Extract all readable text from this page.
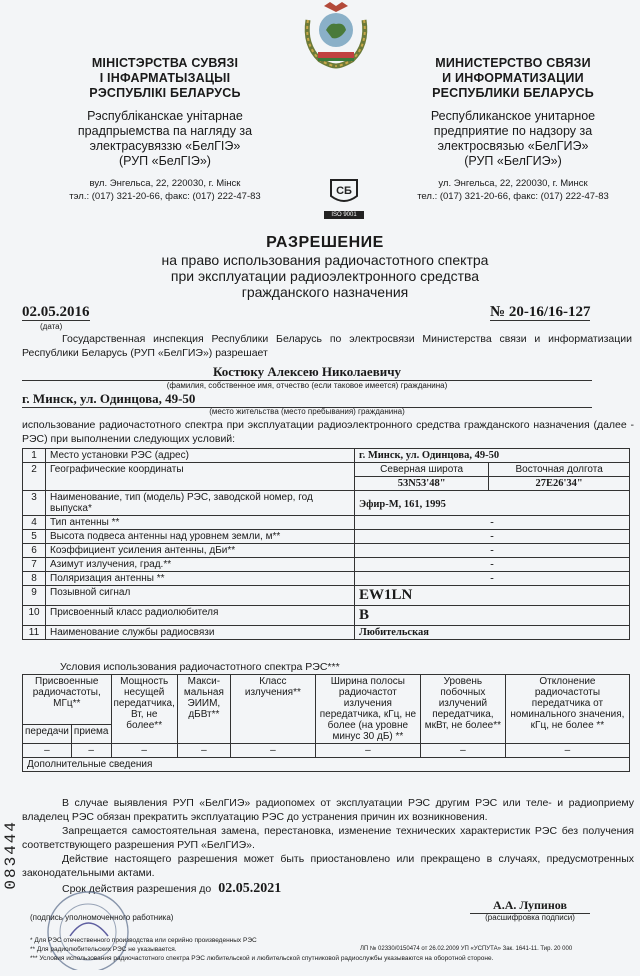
МІНІСТЭРСТВА СУВЯЗІ
І ІНФАРМАТЫЗАЦЫІ
РЭСПУБЛІКІ БЕЛАРУСЬ
Рэспубліканскае унітарнае
прадпрыемства па нагляду за
электрасувяззю «БелГІЭ»
(РУП «БелГІЭ»)
вул. Энгельса, 22, 220030, г. Мінск
тэл.: (017) 321-20-66, факс: (017) 222-47-83
МИНИСТЕРСТВО СВЯЗИ
И ИНФОРМАТИЗАЦИИ
РЕСПУБЛИКИ БЕЛАРУСЬ
Республиканское унитарное
предприятие по надзору за
электросвязью «БелГИЭ»
(РУП «БелГИЭ»)
ул. Энгельса, 22, 220030, г. Минск
тел.: (017) 321-20-66, факс: (017) 222-47-83
СБ
ISO 9001
РАЗРЕШЕНИЕ
на право использования радиочастотного спектра
при эксплуатации радиоэлектронного средства
гражданского назначения
02.05.2016
(дата)
№ 20-16/16-127
Государственная инспекция Республики Беларусь по электросвязи Министерства связи и информатизации Республики Беларусь (РУП «БелГИЭ») разрешает
Костюку Алексею Николаевичу
(фамилия, собственное имя, отчество (если таковое имеется) гражданина)
г. Минск, ул. Одинцова, 49-50
(место жительства (место пребывания) гражданина)
использование радиочастотного спектра при эксплуатации радиоэлектронного средства гражданского назначения (далее - РЭС) при выполнении следующих условий:
1	Место установки РЭС (адрес)	г. Минск, ул. Одинцова, 49-50	
2	Географические координаты	Северная широта	Восточная долгота
		53N53'48"	27E26'34"
3	Наименование, тип (модель) РЭС, заводской номер, год выпуска*	Эфир-М, 161, 1995	
4	Тип антенны **	-	
5	Высота подвеса антенны над уровнем земли, м**	-	
6	Коэффициент усиления антенны, дБи**	-	
7	Азимут излучения, град.**	-	
8	Поляризация антенны **	-	
9	Позывной сигнал	EW1LN	
10	Присвоенный класс радиолюбителя	B	
11	Наименование службы радиосвязи	Любительская	
Условия использования радиочастотного спектра РЭС***
Присвоенные радиочастоты, МГц**		Мощность несущей передатчика, Вт, не более**	Макси-мальная ЭИИМ, дБВт**	Класс излучения**	Ширина полосы радиочастот излучения передатчика, кГц, не более (на уровне минус 30 дБ) **	Уровень побочных излучений передатчика, мкВт, не более**	Отклонение радиочастоты передатчика от номинального значения, кГц, не более **
передачи	приема						
–	–	–	–	–	–	–	–
Дополнительные сведения							
В случае выявления РУП «БелГИЭ» радиопомех от эксплуатации РЭС другим РЭС или теле- и радиоприему владелец РЭС обязан прекратить эксплуатацию РЭС до устранения причин их возникновения.
Запрещается самостоятельная замена, перестановка, изменение технических характеристик РЭС без получения соответствующего разрешения РУП «БелГИЭ».
Действие настоящего разрешения может быть приостановлено или прекращено в случаях, предусмотренных законодательными актами.
Срок действия разрешения до 02.05.2021
А.А. Лупинов
(расшифровка подписи)
(подпись уполномоченного работника)
* Для РЭС отечественного производства или серийно произведенных РЭС
** Для радиолюбительских РЭС не указывается.
*** Условия использования радиочастотного спектра РЭС любительской и любительской спутниковой радиослужбы указываются на оборотной стороне.
ЛП № 02330/0150474 от 26.02.2009 УП «УСПУТА» Зак. 1641-11. Тир. 20 000
083444
